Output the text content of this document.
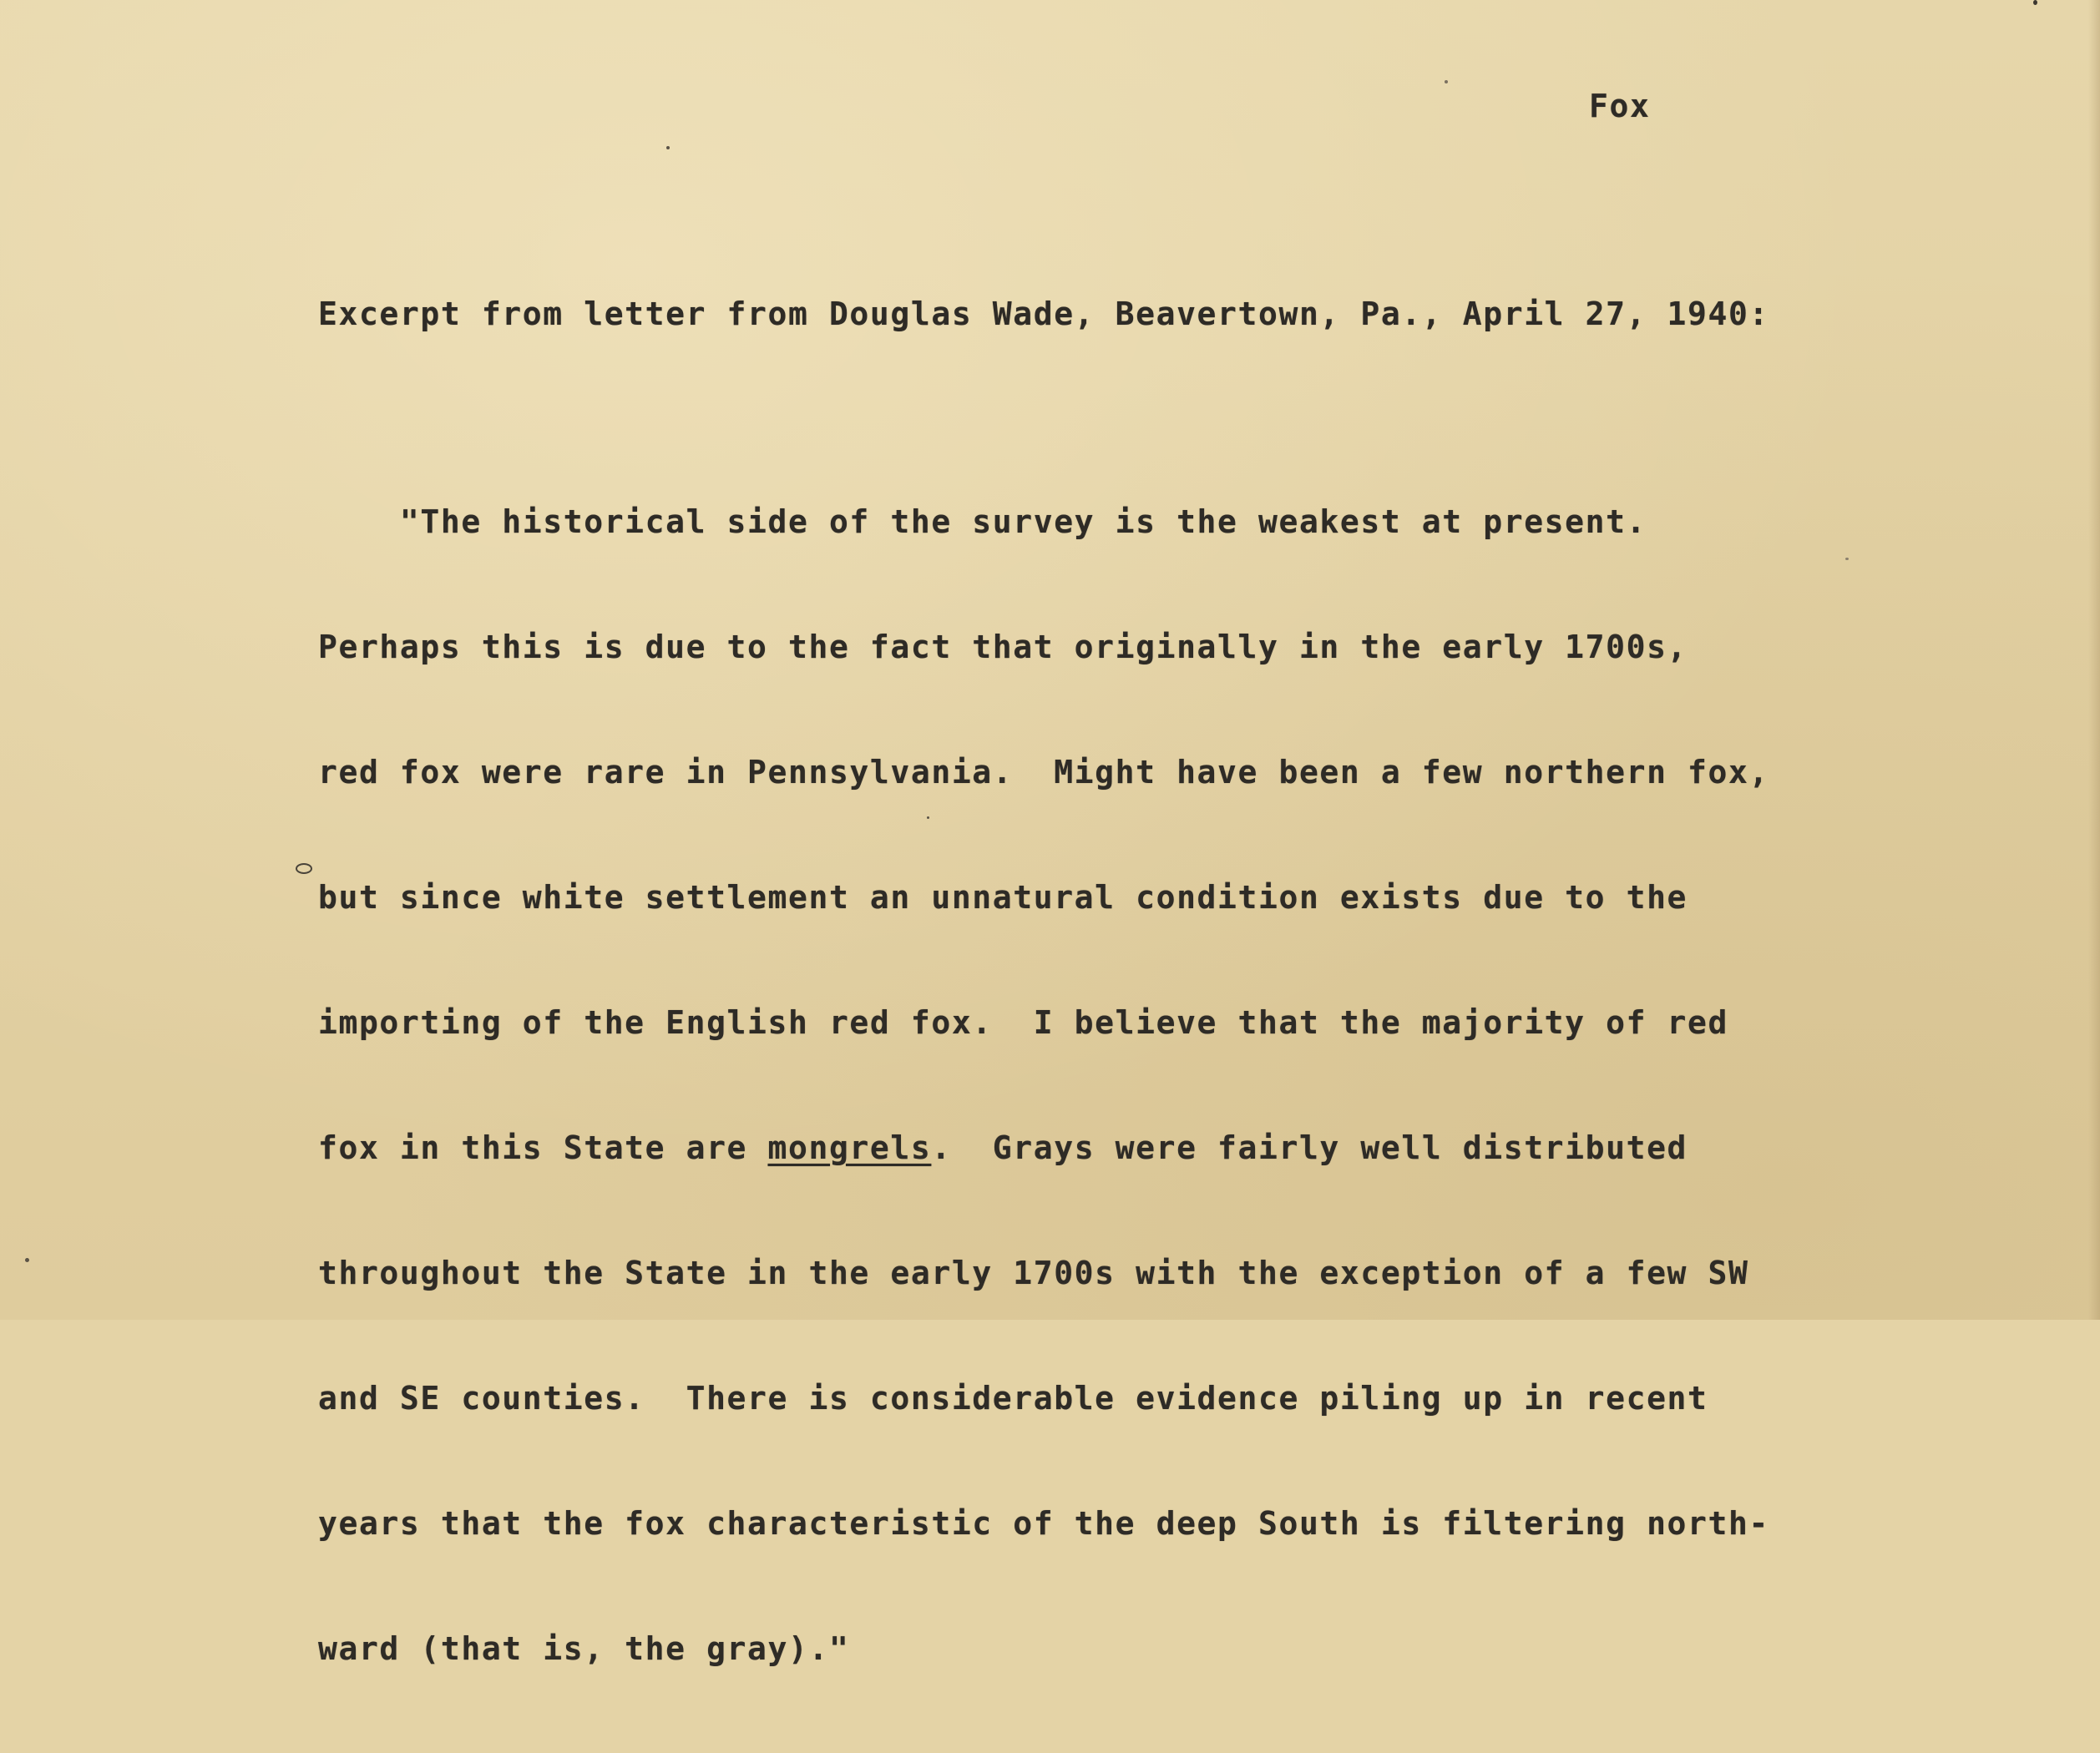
Fox
Excerpt from letter from Douglas Wade, Beavertown, Pa., April 27, 1940:

"The historical side of the survey is the weakest at present.

Perhaps this is due to the fact that originally in the early 1700s,

red fox were rare in Pennsylvania.  Might have been a few northern fox,

but since white settlement an unnatural condition exists due to the

importing of the English red fox.  I believe that the majority of red

fox in this State are mongrels.  Grays were fairly well distributed

throughout the State in the early 1700s with the exception of a few SW

and SE counties.  There is considerable evidence piling up in recent

years that the fox characteristic of the deep South is filtering north-

ward (that is, the gray)."
